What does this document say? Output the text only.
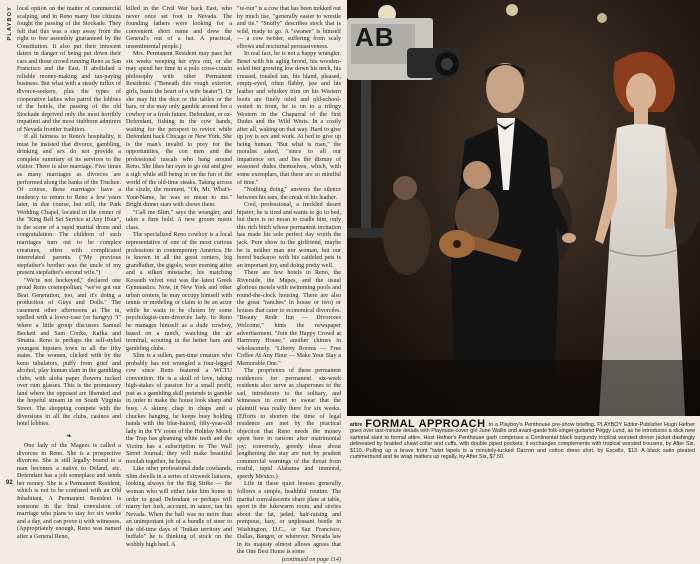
PLAYBOY local option on the matter of commercial scalping, and in Reno many fine citizens fought the passing of the Stockade. They felt that this was a step away from the right to free assembly guaranteed by the Constitution. It also put their innocent daters in danger of being put down their cars and those crowd running Reno as San Francisco and the East. It abolished a reliable money-making and tax-paying business. But what with a steady influx of divorce-seekers, plus the types of cooperative ladies who patrol the lobbies of the hotels, the passing of the old Stockade deprived only the most horribly impatient and the most stubborn admirers of Nevada frontier tradition.

If all fairness to Reno's hospitality, it must be insisted that divorce, gambling, drinking and sex do not provide a complete summary of its services to the visitor. There is also marriage. Five times as many marriages as divorces are performed along the banks of the Truckee. Of course, these marriages have a tendency to return to Reno a few years later, in due course, but still, the Park Wedding Chapel, located in the center of the "King Bell Set Service at Any Hour", is the scene of a rapid marital drone and congratulation. The children of such marriages turn out to be complex creatures, often with complicated interrelated parents. ("My previous stepfather's brother was the uncle of my present stepfather's second wife.")

"We're not hockeyed," declared one proud Reno cosmopolitan; "we've got our Beat Generation, too, and it's doing a production of Guys and Dolls." The casement other afternoons at The in, spelled with a lower-case (or hungry) "i" where a little group discusses Samuel Beckett and Sam Cooke, Kafka and Sinatra. Reno is perhaps the self-styled youngest hipsters town in all the fifty states. The women, clicked with by the keno tabulators, puffy from grief and alcohol, play human slam in the gambling clubs, with aloha paper flowers tucked over rum glasses. This is the promissory land where the opposed are liberated and the hopeful stream in on South Virginia Street. The shopping compete with the diversions in all the clubs, casinos and hotel lobbies.

❧

One lady of the Magees is called a divorcee in Reno. She is a prospective divorcee. She is still legally bound to a man becomes a native to Deland, etc. Defendant has a job someplace and sends her money. She is a Permanent Resident, which is not to be confused with an Old Inhabitant. A Permanent Resident is someone in the final convulsion of marriage who plans to stay for six weeks and a day, and can prove it with witnesses. (Appropriately enough, Reno was named after a General Reno,

killed in the Civil War back East, who never once set foot in Nevada. The founding fathers were looking for a convenient short name and drew the General's out of a hat. A practical, unsentimental people.)

Mrs. Permanent Resident may pass her six weeks weeping her eyes out, or she may spend her time in a polo cross-cousin philosophy with other Permanent Residents. ("Beneath this rough exterior, girls, beats the heart of a wife beater"). Or she may hit the dice or the tables or the bars, or she may only gamble around for a cowboy or a fresh future. Defendant, or ex-Defendant, fishing in the cow hands, waiting for the prospect to revive while Defendant back Chicago or New York. She is the man's invalid to prey for the opportunities, the con men and the professional rascals who hang around Reno. She likes her eyes to go out and give a sigh while still being in on the fun of the world of the old-time steaks. Taking across the sizzle, the moment, "Oh, Mr. What's-Your-Name, he was so mean to me." Bright dinner stars with shows them.

"Call me Slim," says the wrangler, and takes a firm hold. A new groom meets class.

The specialized Reno cowboy is a local representative of one of the most curious professions in contemporary America. He is known in all the great centers, big grandfather, the gigolo, wore evening attire and a silken mustache; his matching Kossuth velvet vest was the latest Greek Gymnastics. Now, in New York and other urban centers, he may occupy himself with tennis or modeling or claim to be an actor while he waits to be chosen by some psychologist-cum-divorcée lady. In Reno he manages himself as a dude cowboy, based on a ranch, watching the air terminal, scouting in the better bars and gambling clubs.

Slim is a sullen, part-time creature who probably has not wrangled a four-legged cow since Reno featured a WCTU convention. He is a skull of love, taking high-stakes of passion for a small profit, just as a gambling skill pretends to gamble in order to make the house look sharp and busy. A skinny chap in chaps and a chuckes hanging, he keeps busy holding hands with the blue-haired, fifty-year-old lady in the TV room of the Holiday Motel; the Trap has gleaming white teeth and the Victim has a subscription to The Wall Street Journal; they will make beautiful moolah together, he hopes.

Like other professional dude cowhands, Slim dwells in a series of sixweek liaisons, looking always for the Big Strike — the woman who will either take him home in order to goad Defendant or perhaps will marry her lush, account, in sauce, tan his Nevada. When the ball was no more than an unimportant job of a bundle of steer to the old-time days of "Indian territory and buffalo" he is thinking of stock on the wobbly high heel. A

"re-run" is a cow that has been trekked out by much use, "generally easier to wrestle and tie." "Snuffy" describes stock that is wild, ready to go. A "swanee" is himself — a cow twister, suffering from scaly elbows and nocturnal persuasiveness.

In real fact, he is not a happy wrangler. Beset with his aging brood, his wooden-soled feet growing low down his neck, his creased, tousled tan, his bland, pleased, empty-eyed, often flabby, jaw and his leather and whiskey trim on his Western boots are finely oiled and old-school-vested in front, he is on to a trilogy Western in the Chaparral of the first Dudes and the Wild Wests. In a costly after all, waking on that way. Hard to give up joy is sex and work. At bed to give up being human. "But what is man," the moralist asked, "since to all our impatience sex and lies the dismay of seasoned dudes themselves, which, with some exemplars, that these are so mindful of time."

"Nothing doing," answers the silence between his ears, the creak of his leather.

Cool, professional, a freckled desert hipster, he is tired and wants to go to bed, but there is no moan to cradle him, only this rich bitch whose permanent invitation has made his sole perfect day worth the jack. Pure show to the girlfriend, maybe he is neither man nor woman, but our bored buckaroo with his cattleled pets is an important joy, and doing pretty well.

There are few hotels in Reno, the Riverside, the Mapes, and the usual glorious motels with swimming pools and round-the-clock housing. There are also the great "ranches" in house or two) or houses that cater to economical divorcées. "Beauty Rede Inn — Divorcees Welcome," hints the newspaper advertisement. "Join the Happy Crowd at Harmony House," another chimes in wholesomely. "Liberty Rooms — Free Coffee At Any Hour — Make Your Stay a Memorable One."

The proprietors of these permanent residences for permanent six-week residents also serve as chaperones to the sad, introducers to the solitary, and witnesses in court to swear that the plaintiff was really there for six weeks. (Efforts to shorten the time of legal residence are met by the practical objection that Reno needs the money spent here in ransom after matrimonial joy; conversely, greedy ideas about lengthening the stay are met by prudent commercial warnings of the threat from restful, rapid Alabama and immoral, speedy Mexico.)

Life in these quiet houses generally follows a simple, healthful routine. The marital convalescents share plate at table, sport in the lukewarm room, and stories about the fat, jaded, hair-raising and pompous, lazy, or unpleasant beetle in Washington, D.C., or San Francisco, Dallas, Bangor, or wherever. Nevada law in its majesty almost allows agrees that the One Best Home is some

(continued on page 114)
AB
attire FORMAL APPROACH to a Playboy's Penthouse pre-show briefing. PLAYBOY Editor-Publisher Hugh Hefner goes over last-minute details with Playmate-cover girl June Wallis and avant-garde folk-singer-guitarist Peggy Lund, as he introduces a slick new sartorial slant to formal attire. Host Hefner's Penthouse garb comprises a Continental black burgundy tropical worsted dinner jacket dashingly delineated by braided shawl collar and cuffs, with double piped pockets; it exchanges complements with tropical worsted trousers, by After Six, $110. Pulling up a brave front "twist lapels is a minutely-tucked Dacron and cotton dress shirt, by Excello, $13. A black satin pleated cummerbund and tie wrap matters up regally, by After Six, $7.50.
92
